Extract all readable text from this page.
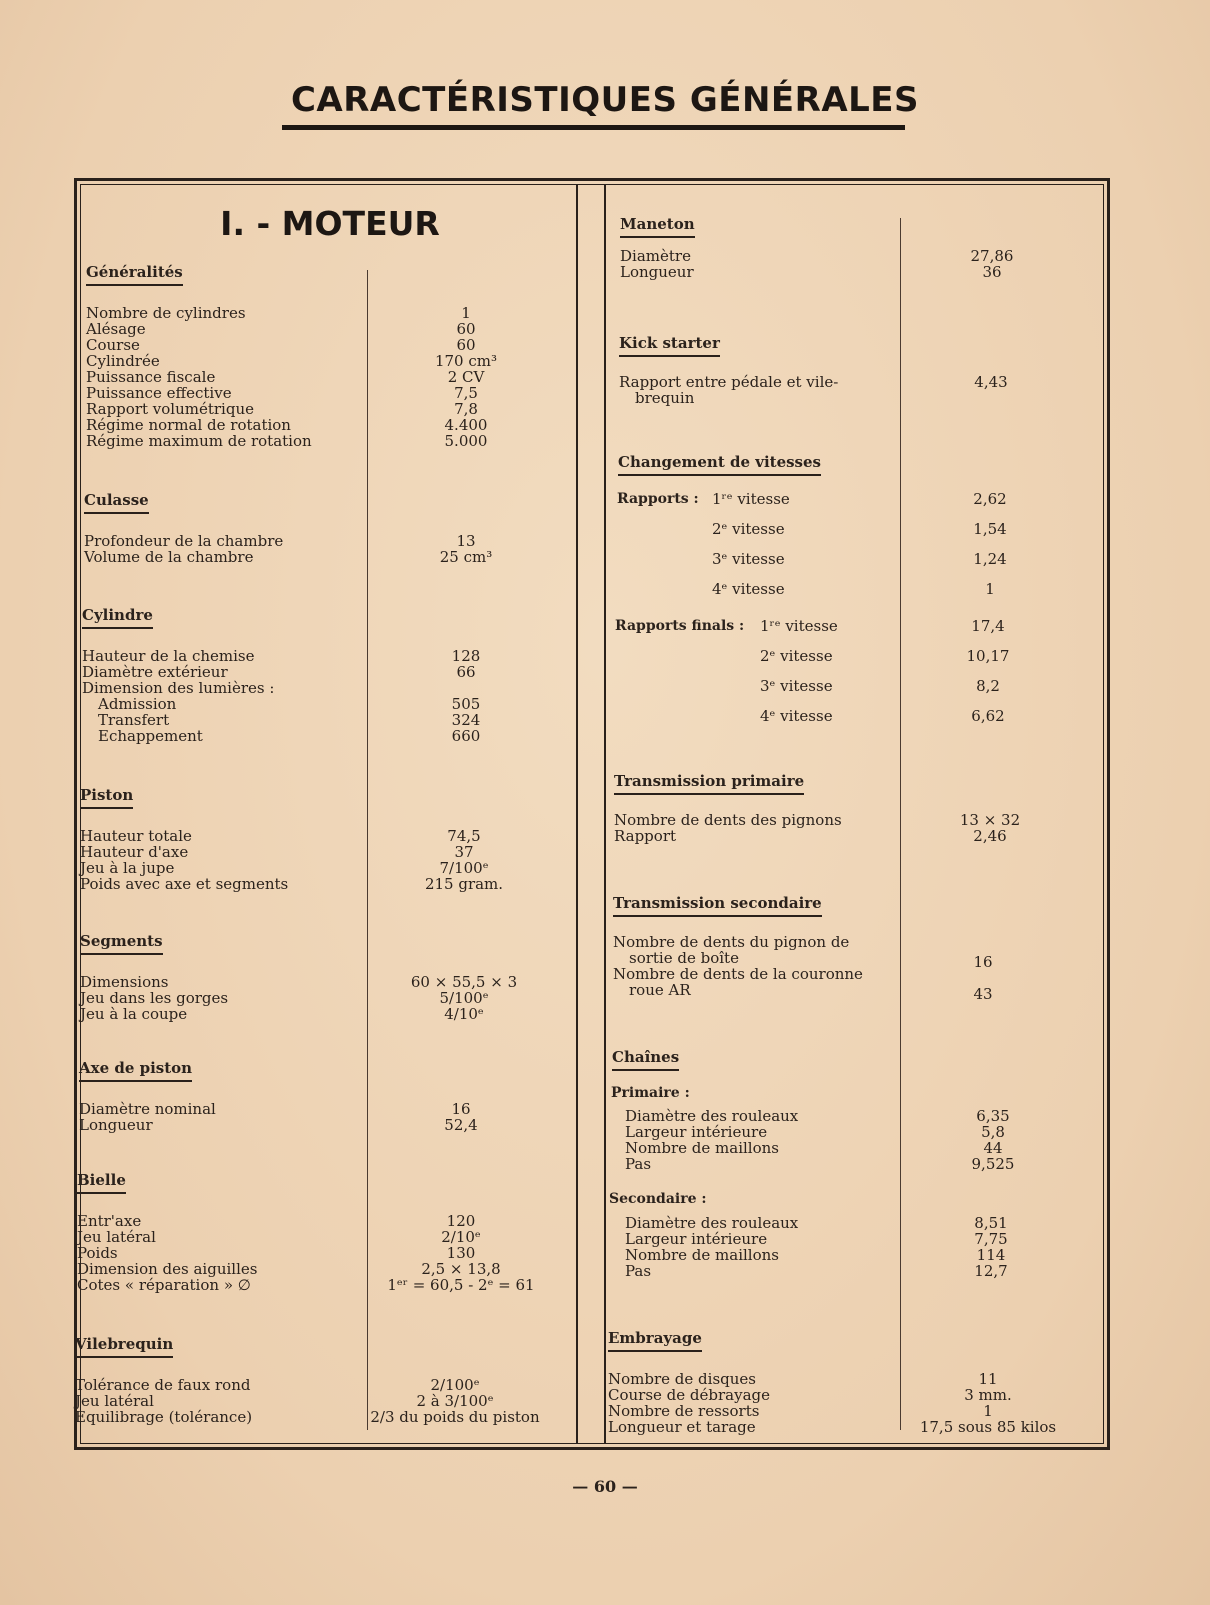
CARACTÉRISTIQUES GÉNÉRALES
I. - MOTEUR
Généralités
Nombre de cylindres	1
Alésage	60
Course	60
Cylindrée	170 cm³
Puissance fiscale	2 CV
Puissance effective	7,5
Rapport volumétrique	7,8
Régime normal de rotation	4.400
Régime maximum de rotation	5.000
Culasse
Profondeur de la chambre	13
Volume de la chambre	25 cm³
Cylindre
Hauteur de la chemise	128
Diamètre extérieur	66
Dimension des lumières :
Admission	505
Transfert	324
Echappement	660
Piston
Hauteur totale	74,5
Hauteur d'axe	37
Jeu à la jupe	7/100ᵉ
Poids avec axe et segments	215 gram.
Segments
Dimensions	60 × 55,5 × 3
Jeu dans les gorges	5/100ᵉ
Jeu à la coupe	4/10ᵉ
Axe de piston
Diamètre nominal	16
Longueur	52,4
Bielle
Entr'axe	120
Jeu latéral	2/10ᵉ
Poids	130
Dimension des aiguilles	2,5 × 13,8
Cotes « réparation » ∅	1ᵉʳ = 60,5 - 2ᵉ = 61
Vilebrequin
Tolérance de faux rond	2/100ᵉ
Jeu latéral	2 à 3/100ᵉ
Equilibrage (tolérance)	2/3 du poids du piston
Maneton
Diamètre	27,86
Longueur	36
Kick starter
Rapport entre pédale et vile-	4,43
brequin
Changement de vitesses
Rapports : 1ʳᵉ vitesse	2,62
2ᵉ vitesse	1,54
3ᵉ vitesse	1,24
4ᵉ vitesse	1
Rapports finals : 1ʳᵉ vitesse	17,4
2ᵉ vitesse	10,17
3ᵉ vitesse	8,2
4ᵉ vitesse	6,62
Transmission primaire
Nombre de dents des pignons	13 × 32
Rapport	2,46
Transmission secondaire
Nombre de dents du pignon de
sortie de boîte	16
Nombre de dents de la couronne
roue AR	43
Chaînes
Primaire :
Diamètre des rouleaux	6,35
Largeur intérieure	5,8
Nombre de maillons	44
Pas	9,525
Secondaire :
Diamètre des rouleaux	8,51
Largeur intérieure	7,75
Nombre de maillons	114
Pas	12,7
Embrayage
Nombre de disques	11
Course de débrayage	3 mm.
Nombre de ressorts	1
Longueur et tarage	17,5 sous 85 kilos
— 60 —
